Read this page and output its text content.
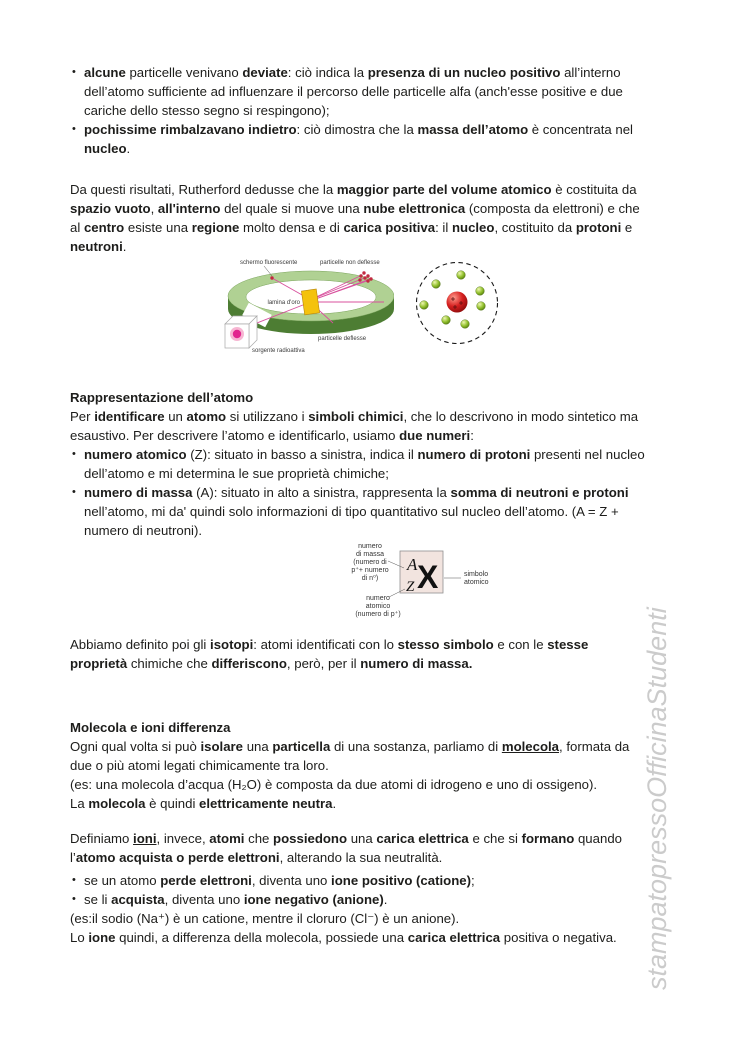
• alcune particelle venivano deviate: ciò indica la presenza di un nucleo positivo all’interno dell’atomo sufficiente ad influenzare il percorso delle particelle alfa (anch'esse positive e due cariche dello stesso segno si respingono);
• pochissime rimbalzavano indietro: ciò dimostra che la massa dell’atomo è concentrata nel nucleo.

Da questi risultati, Rutherford dedusse che la maggior parte del volume atomico è costituita da spazio vuoto, all'interno del quale si muove una nube elettronica (composta da elettroni) e che al centro esiste una regione molto densa e di carica positiva: il nucleo, costituito da protoni e neutroni.

schermo fluorescente	particelle non deflesse
lamina d'oro
particelle deflesse
sorgente radioattiva
Rappresentazione dell’atomo

Per identificare un atomo si utilizzano i simboli chimici, che lo descrivono in modo sintetico ma esaustivo. Per descrivere l’atomo e identificarlo, usiamo due numeri:

• numero atomico (Z): situato in basso a sinistra, indica il numero di protoni presenti nel nucleo dell’atomo e mi determina le sue proprietà chimiche;
• numero di massa (A): situato in alto a sinistra, rappresenta la somma di neutroni e protoni nell’atomo, mi da' quindi solo informazioni di tipo quantitativo sul nucleo dell’atomo. (A = Z + numero di neutroni).
A
Z X
numero
di massa
(numero di
p⁺+ numero
di n⁰)
numero
atomico
(numero di p⁺)
simbolo
atomico

Abbiamo definito poi gli isotopi: atomi identificati con lo stesso simbolo e con le stesse proprietà chimiche che differiscono, però, per il numero di massa.

Molecola e ioni differenza

Ogni qual volta si può isolare una particella di una sostanza, parliamo di molecola, formata da due o più atomi legati chimicamente tra loro.

(es: una molecola d’acqua (H₂O) è composta da due atomi di idrogeno e uno di ossigeno).

La molecola è quindi elettricamente neutra.

Definiamo ioni, invece, atomi che possiedono una carica elettrica e che si formano quando l’atomo acquista o perde elettroni, alterando la sua neutralità.

• se un atomo perde elettroni, diventa uno ione positivo (catione);
• se li acquista, diventa uno ione negativo (anione).

(es:il sodio (Na⁺) è un catione, mentre il cloruro (Cl⁻) è un anione).

Lo ione quindi, a differenza della molecola, possiede una carica elettrica positiva o negativa. stampatopressoOfficinaStudenti
